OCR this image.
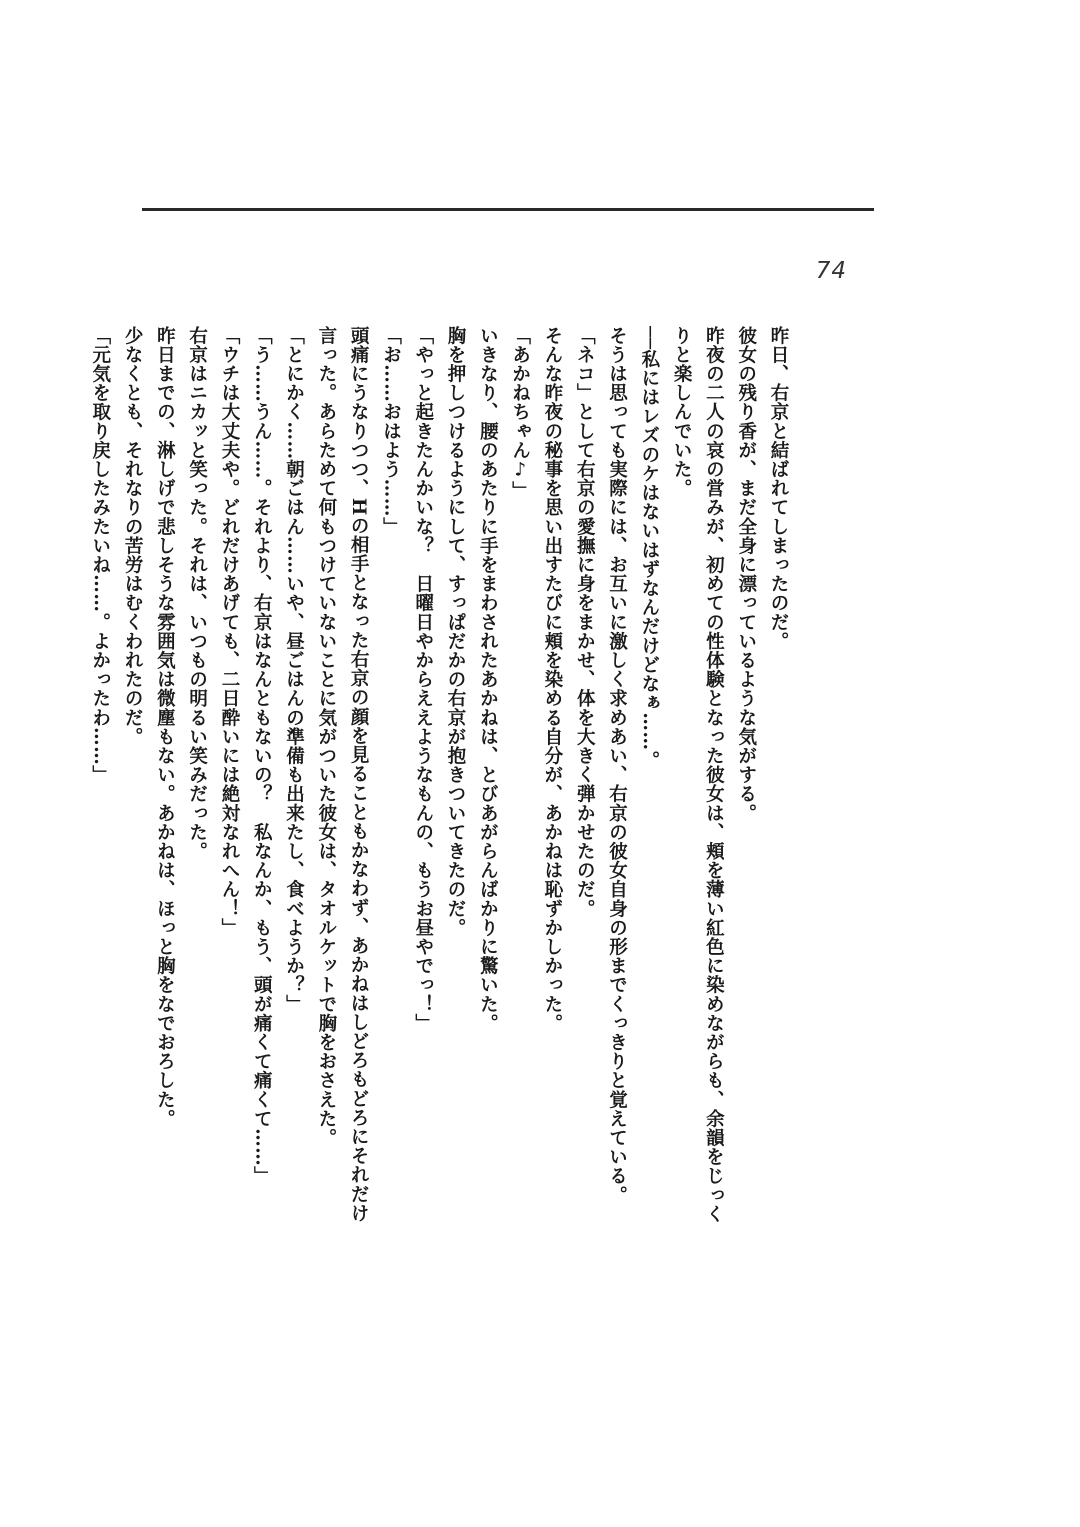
74
昨日、右京と結ばれてしまったのだ。
彼女の残り香が、まだ全身に漂っているような気がする。
昨夜の二人の哀の営みが、初めての性体験となった彼女は、頬を薄い紅色に染めながらも、余韻をじっく
りと楽しんでいた。
──私にはレズのケはないはずなんだけどなぁ……。
そうは思っても実際には、お互いに激しく求めあい、右京の彼女自身の形までくっきりと覚えている。
「ネコ」として右京の愛撫に身をまかせ、体を大きく弾かせたのだ。
そんな昨夜の秘事を思い出すたびに頬を染める自分が、あかねは恥ずかしかった。
「あかねちゃん♪」
いきなり、腰のあたりに手をまわされたあかねは、とびあがらんばかりに驚いた。
胸を押しつけるようにして、すっぱだかの右京が抱きついてきたのだ。
「やっと起きたんかいな？　日曜日やからええようなもんの、もうお昼やでっ！」
「お……おはよう……」
頭痛にうなりつつ、Hの相手となった右京の顔を見ることもかなわず、あかねはしどろもどろにそれだけ
言った。あらためて何もつけていないことに気がついた彼女は、タオルケットで胸をおさえた。
「とにかく……朝ごはん……いや、昼ごはんの準備も出来たし、食べようか？」
「う……うん……。それより、右京はなんともないの？　私なんか、もう、頭が痛くて痛くて……」
「ウチは大丈夫や。どれだけあげても、二日酔いには絶対なれへん！」
右京はニカッと笑った。それは、いつもの明るい笑みだった。
昨日までの、淋しげで悲しそうな雰囲気は微塵もない。あかねは、ほっと胸をなでおろした。
少なくとも、それなりの苦労はむくわれたのだ。
「元気を取り戻したみたいね……。よかったわ……」
